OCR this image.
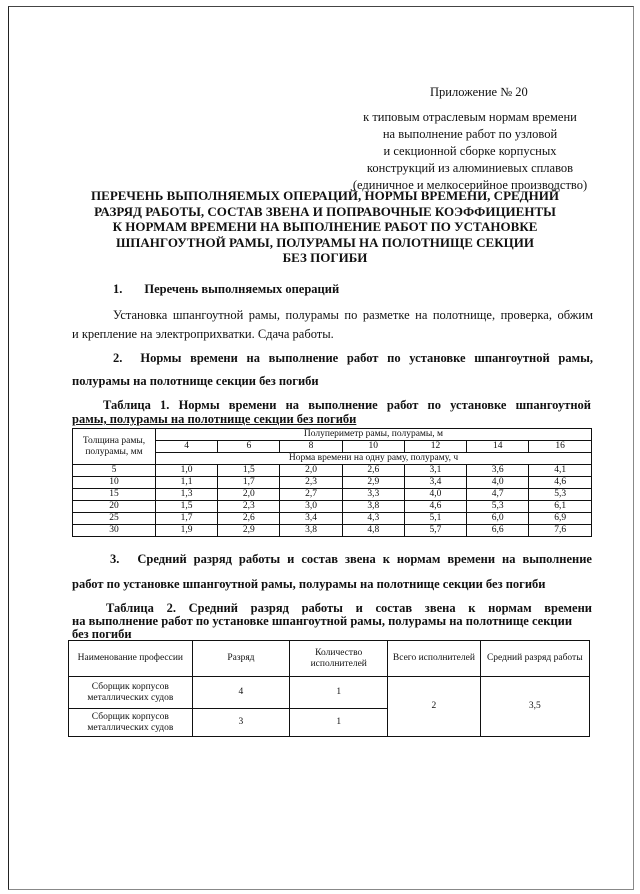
Приложение № 20
к типовым отраслевым нормам времени
на выполнение работ по узловой
и секционной сборке корпусных
конструкций из алюминиевых сплавов
(единичное и мелкосерийное производство)
ПЕРЕЧЕНЬ ВЫПОЛНЯЕМЫХ ОПЕРАЦИЙ, НОРМЫ ВРЕМЕНИ, СРЕДНИЙ
РАЗРЯД РАБОТЫ, СОСТАВ ЗВЕНА И ПОПРАВОЧНЫЕ КОЭФФИЦИЕНТЫ
К НОРМАМ ВРЕМЕНИ НА ВЫПОЛНЕНИЕ РАБОТ ПО УСТАНОВКЕ
ШПАНГОУТНОЙ РАМЫ, ПОЛУРАМЫ НА ПОЛОТНИЩЕ СЕКЦИИ
БЕЗ ПОГИБИ
1. Перечень выполняемых операций
Установка шпангоутной рамы, полурамы по разметке на полотнище, проверка, обжим
и крепление на электроприхватки. Сдача работы.
2. Нормы времени на выполнение работ по установке шпангоутной рамы,
полурамы на полотнище секции без погиби
Таблица 1. Нормы времени на выполнение работ по установке шпангоутной
рамы, полурамы на полотнище секции без погиби
Толщина рамы, полурамы, мм	Полупериметр рамы, полурамы, м						
	4	6	8	10	12	14	16
	Норма времени на одну раму, полураму, ч						
5	1,0	1,5	2,0	2,6	3,1	3,6	4,1
10	1,1	1,7	2,3	2,9	3,4	4,0	4,6
15	1,3	2,0	2,7	3,3	4,0	4,7	5,3
20	1,5	2,3	3,0	3,8	4,6	5,3	6,1
25	1,7	2,6	3,4	4,3	5,1	6,0	6,9
30	1,9	2,9	3,8	4,8	5,7	6,6	7,6
3. Средний разряд работы и состав звена к нормам времени на выполнение
работ по установке шпангоутной рамы, полурамы на полотнище секции без погиби
Таблица 2. Средний разряд работы и состав звена к нормам времени
на выполнение работ по установке шпангоутной рамы, полурамы на полотнище секции
без погиби
Наименование профессии	Разряд	Количество исполнителей	Всего исполнителей	Средний разряд работы
Сборщик корпусов металлических судов	4	1	2	3,5
Сборщик корпусов металлических судов	3	1		
